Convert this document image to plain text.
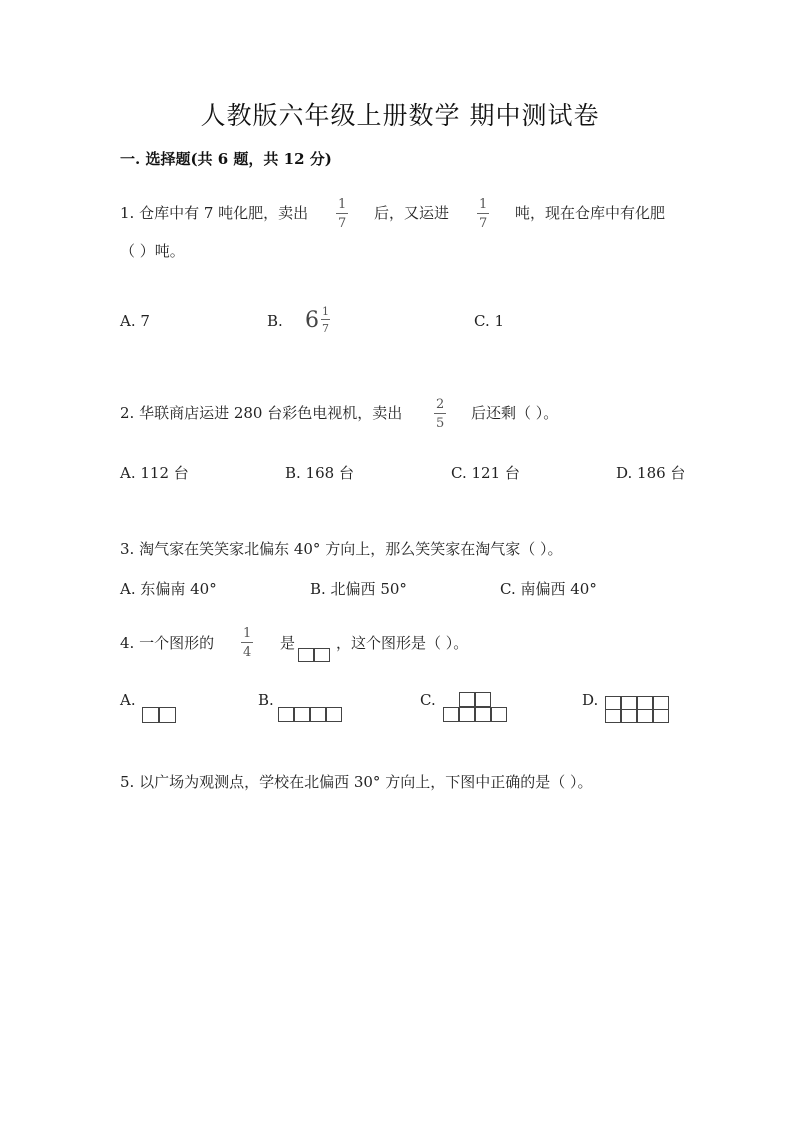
人教版六年级上册数学 期中测试卷
一. 选择题(共 6 题，共 12 分)
1. 仓库中有 7 吨化肥，卖出 1
7
后，又运进 1
7
吨，现在仓库中有化肥
（ ）吨。
A. 7	B. $6 \frac{1}{7}$	C. 1
2. 华联商店运进 280 台彩色电视机，卖出	2
5
后还剩（ ）。
A. 112 台	B. 168 台	C. 121 台	D. 186 台
3. 淘气家在笑笑家北偏东 40° 方向上，那么笑笑家在淘气家（ ）。
A. 东偏南 40°	B. 北偏西 50°	C. 南偏西 40°
4. 一个图形的
1
4
是	，这个图形是（ ）。
A.	B.	C.	D.
5. 以广场为观测点，学校在北偏西 30° 方向上，下图中正确的是（ ）。
